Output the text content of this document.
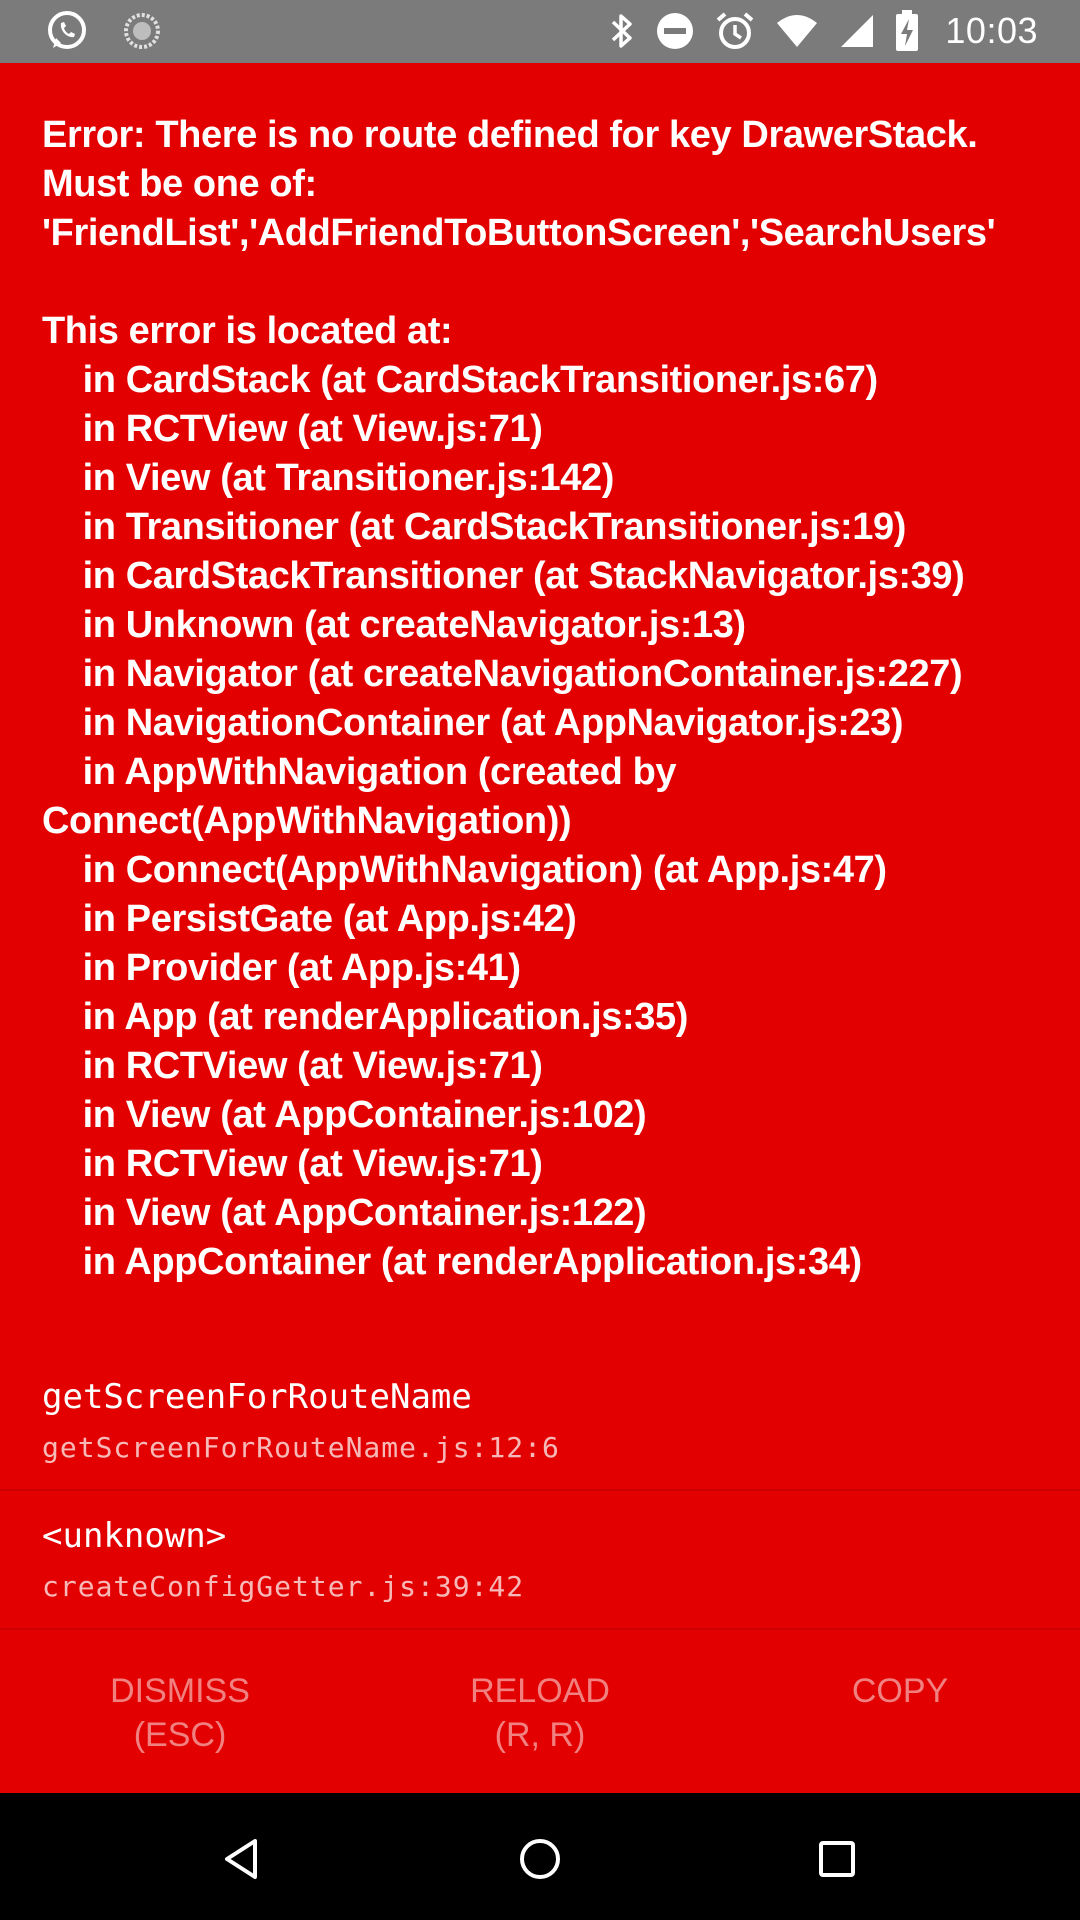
10:03
Error: There is no route defined for key DrawerStack.
Must be one of:
'FriendList','AddFriendToButtonScreen','SearchUsers'

This error is located at:
in CardStack (at CardStackTransitioner.js:67)
in RCTView (at View.js:71)
in View (at Transitioner.js:142)
in Transitioner (at CardStackTransitioner.js:19)
in CardStackTransitioner (at StackNavigator.js:39)
in Unknown (at createNavigator.js:13)
in Navigator (at createNavigationContainer.js:227)
in NavigationContainer (at AppNavigator.js:23)
in AppWithNavigation (created by
Connect(AppWithNavigation))
in Connect(AppWithNavigation) (at App.js:47)
in PersistGate (at App.js:42)
in Provider (at App.js:41)
in App (at renderApplication.js:35)
in RCTView (at View.js:71)
in View (at AppContainer.js:102)
in RCTView (at View.js:71)
in View (at AppContainer.js:122)
in AppContainer (at renderApplication.js:34)
getScreenForRouteName
getScreenForRouteName.js:12:6
<unknown>
createConfigGetter.js:39:42
DISMISS
(ESC)
RELOAD
(R, R)
COPY
